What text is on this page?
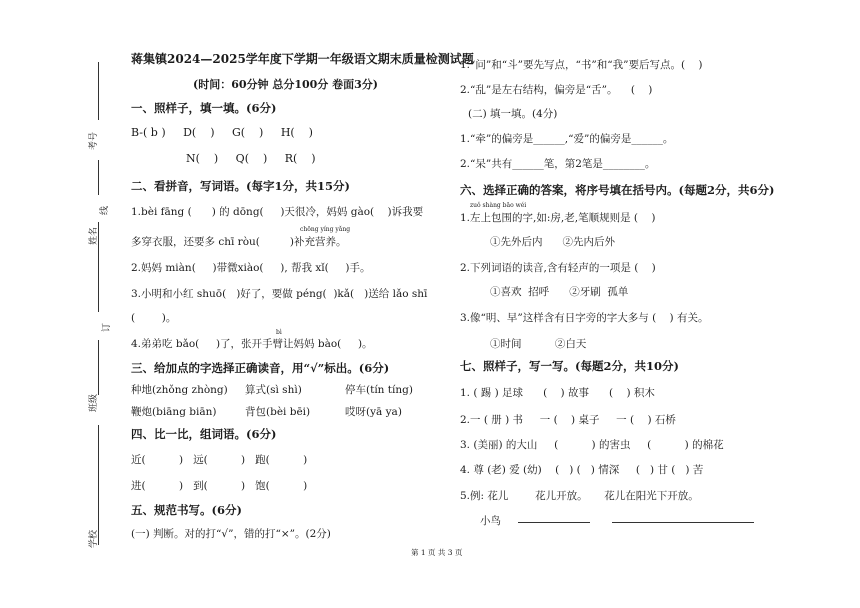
考号
姓名
线
订
班级
学校
蒋集镇2024—2025学年度下学期一年级语文期末质量检测试题
(时间：60分钟 总分100分 卷面3分)
一、照样子，填一填。(6分)
B-( b )     D(    )     G(    )     H(    )
N(    )     Q(    )     R(    )
二、看拼音，写词语。(每字1分，共15分)
1.bèi fāng (      ) 的 dōng(     )天很冷，妈妈 gào(    )诉我要
chōng yíng yǎng
多穿衣服，还要多 chī ròu(         )补充营养。
2.妈妈 miàn(     )带微xiào(     ), 帮我 xǐ(     )手。
3.小明和小红 shuō(   )好了，要做 péng(  )kǎ(   )送给 lǎo shī
(        )。
bì
4.弟弟吃 bǎo(     )了，张开手臂让妈妈 bào(     )。
三、给加点的字选择正确读音，用“√”标出。(6分)
种地(zhǒng zhòng) 算式(sì shì)	停车(tín tíng)
鞭炮(biāng biān)	背包(bèi bēi)	哎呀(yā ya)
四、比一比，组词语。(6分)
近(          )   远(          )   跑(          )
进(          )   到(          )   饱(          )
五、规范书写。(6分)
(一) 判断。对的打“√”，错的打“×”。(2分)
1.“问”和“斗”要先写点，“书”和“我”要后写点。(    )
2.“乱”是左右结构，偏旁是“舌”。    (    )
(二) 填一填。(4分)
1.“牵”的偏旁是______,“爱”的偏旁是______。
2.“呆”共有______笔，第2笔是________。
六、选择正确的答案，将序号填在括号内。(每题2分，共6分)
zuǒ shàng bāo wéi
1.左上包围的字,如:房,老,笔顺规则是 (    )
①先外后内      ②先内后外
2.下列词语的读音,含有轻声的一项是 (    )
①喜欢  招呼      ②牙刷  孤单
3.像“明、早”这样含有日字旁的字大多与 (    ) 有关。
①时间          ②白天
七、照样子，写一写。(每题2分，共10分)
1. ( 踢 ) 足球      (    ) 故事      (    ) 积木
2.一 ( 册 ) 书     一 (    ) 桌子     一 (    ) 石桥
3. (美丽) 的大山     (          ) 的害虫     (          ) 的棉花
4. 尊 (老) 爱 (幼)    (   ) (   ) 情深     (   ) 甘 (   ) 苦
5.例: 花儿        花儿开放。     花儿在阳光下开放。
小鸟
第 1 页 共 3 页
